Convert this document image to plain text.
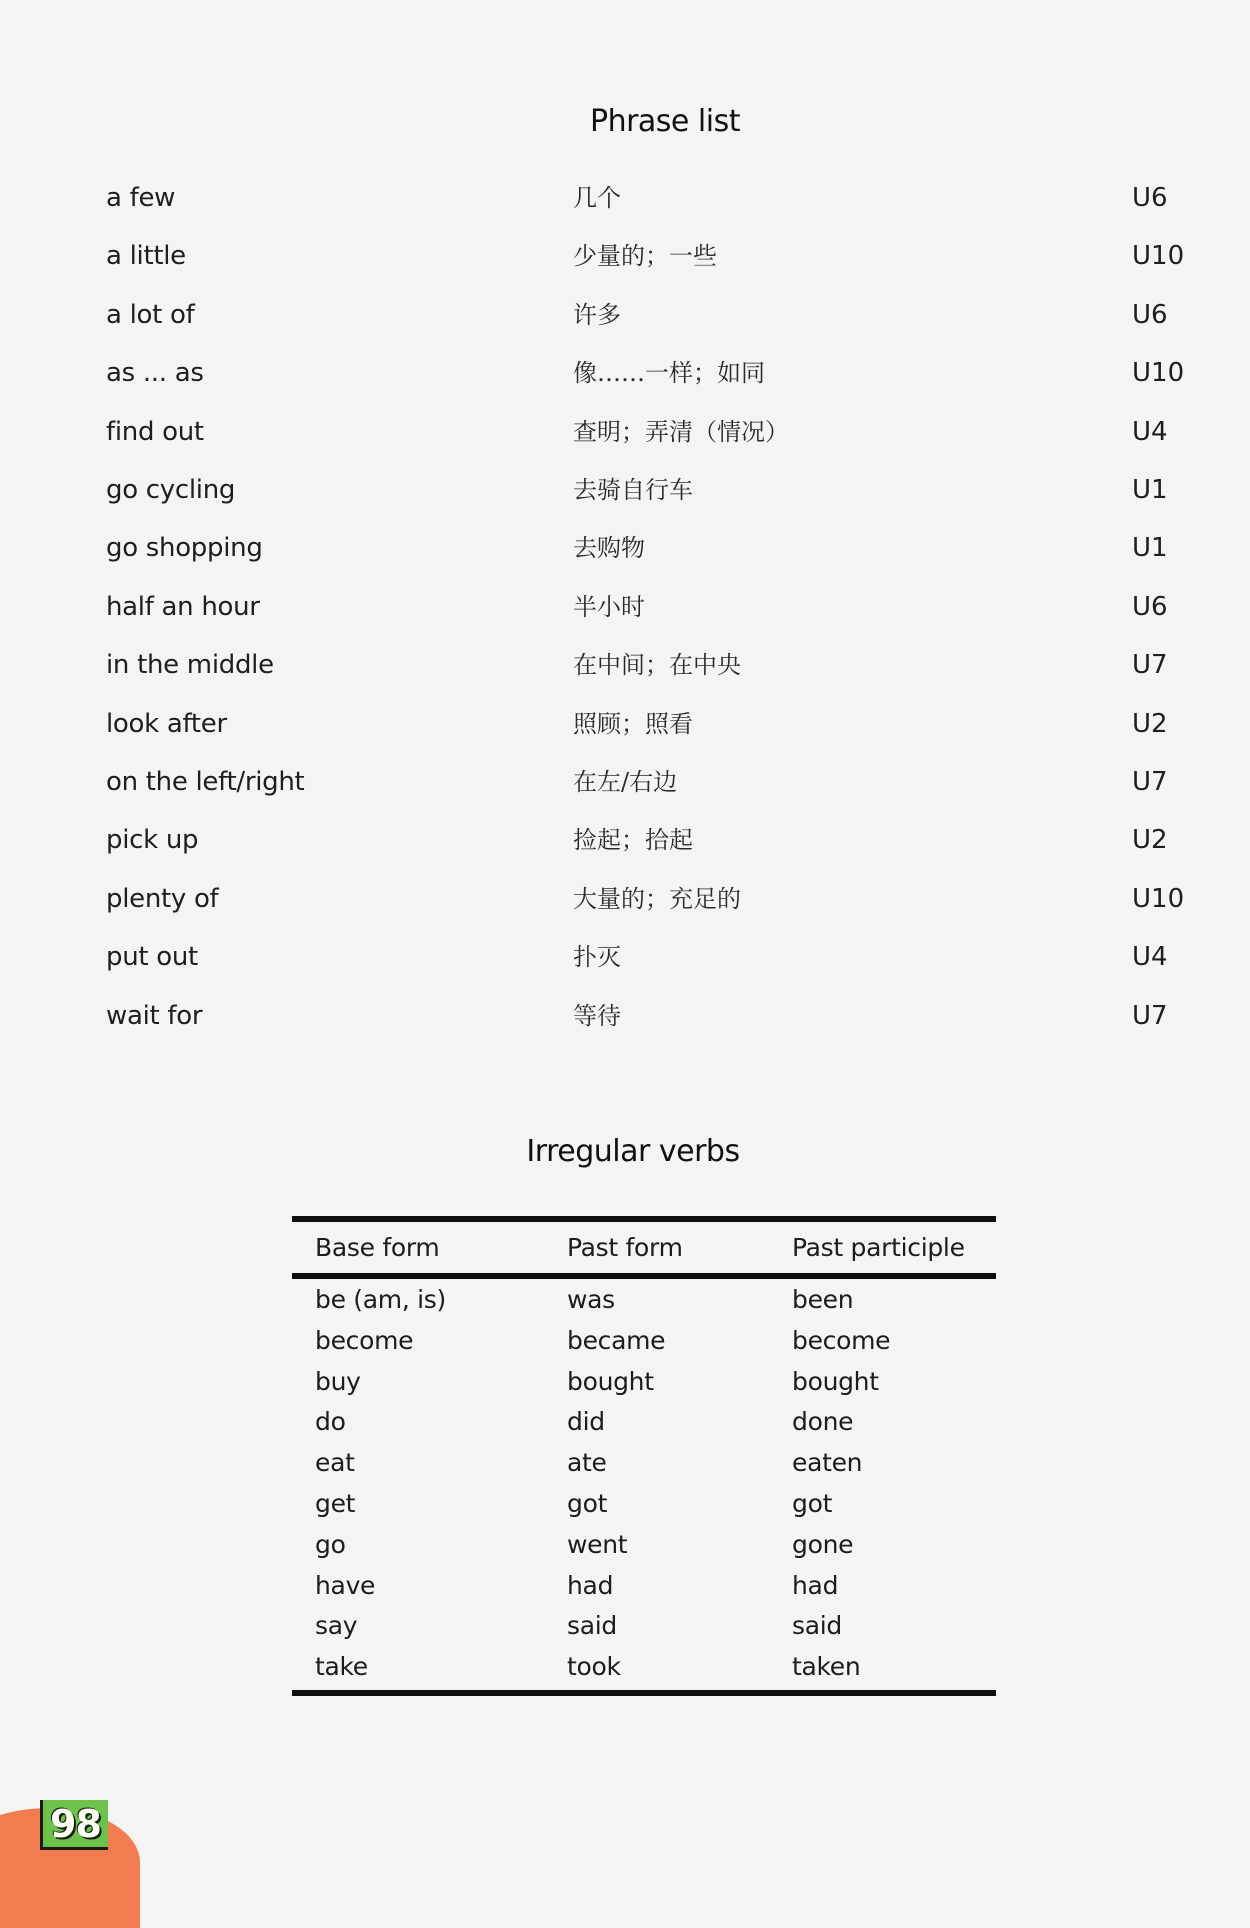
Phrase list
a few	几个	U6
a little	少量的；一些	U10
a lot of	许多	U6
as ... as	像……一样；如同	U10
find out	查明；弄清（情况）	U4
go cycling	去骑自行车	U1
go shopping	去购物	U1
half an hour	半小时	U6
in the middle	在中间；在中央	U7
look after	照顾；照看	U2
on the left/right	在左/右边	U7
pick up	捡起；拾起	U2
plenty of	大量的；充足的	U10
put out	扑灭	U4
wait for	等待	U7
Irregular verbs
Base form	Past form	Past participle
be (am, is)	was	been
become	became	become
buy	bought	bought
do	did	done
eat	ate	eaten
get	got	got
go	went	gone
have	had	had
say	said	said
take	took	taken
98
